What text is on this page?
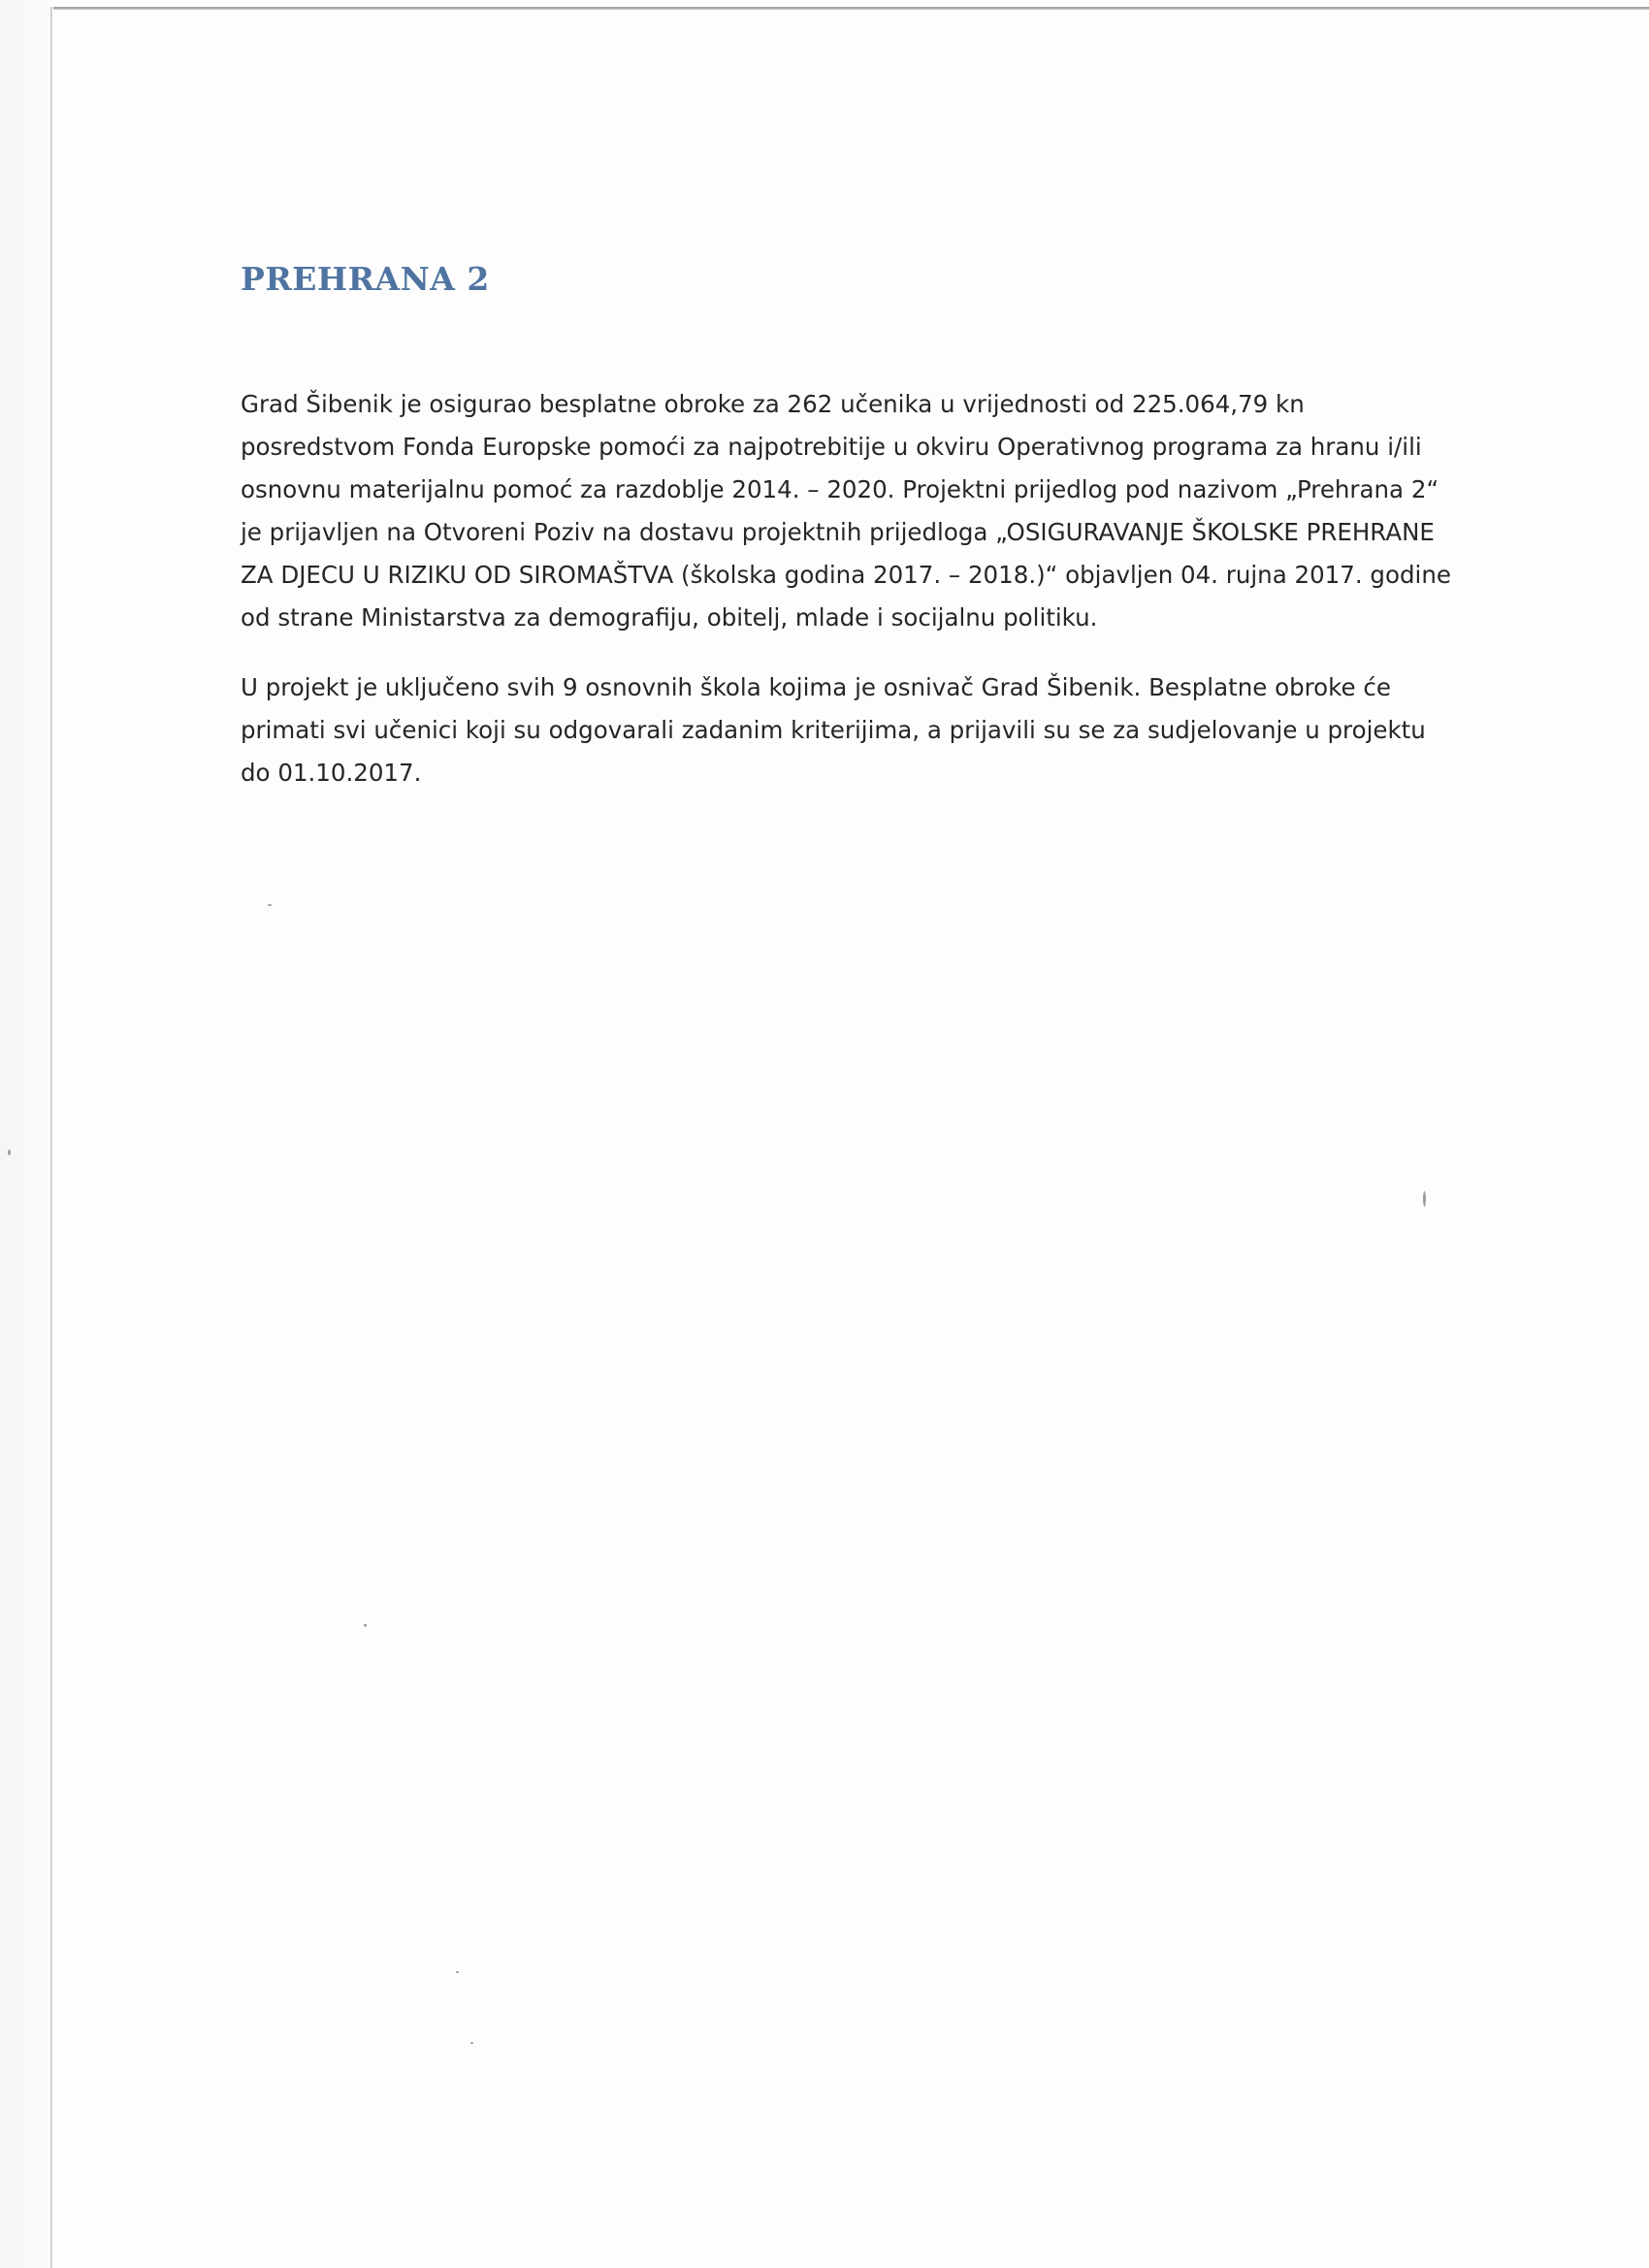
PREHRANA 2

Grad Šibenik je osigurao besplatne obroke za 262 učenika u vrijednosti od 225.064,79 kn
posredstvom Fonda Europske pomoći za najpotrebitije u okviru Operativnog programa za hranu i/ili
osnovnu materijalnu pomoć za razdoblje 2014. – 2020. Projektni prijedlog pod nazivom „Prehrana 2“
je prijavljen na Otvoreni Poziv na dostavu projektnih prijedloga „OSIGURAVANJE ŠKOLSKE PREHRANE
ZA DJECU U RIZIKU OD SIROMAŠTVA (školska godina 2017. – 2018.)“ objavljen 04. rujna 2017. godine
od strane Ministarstva za demografiju, obitelj, mlade i socijalnu politiku.

U projekt je uključeno svih 9 osnovnih škola kojima je osnivač Grad Šibenik. Besplatne obroke će
primati svi učenici koji su odgovarali zadanim kriterijima, a prijavili su se za sudjelovanje u projektu
do 01.10.2017.
